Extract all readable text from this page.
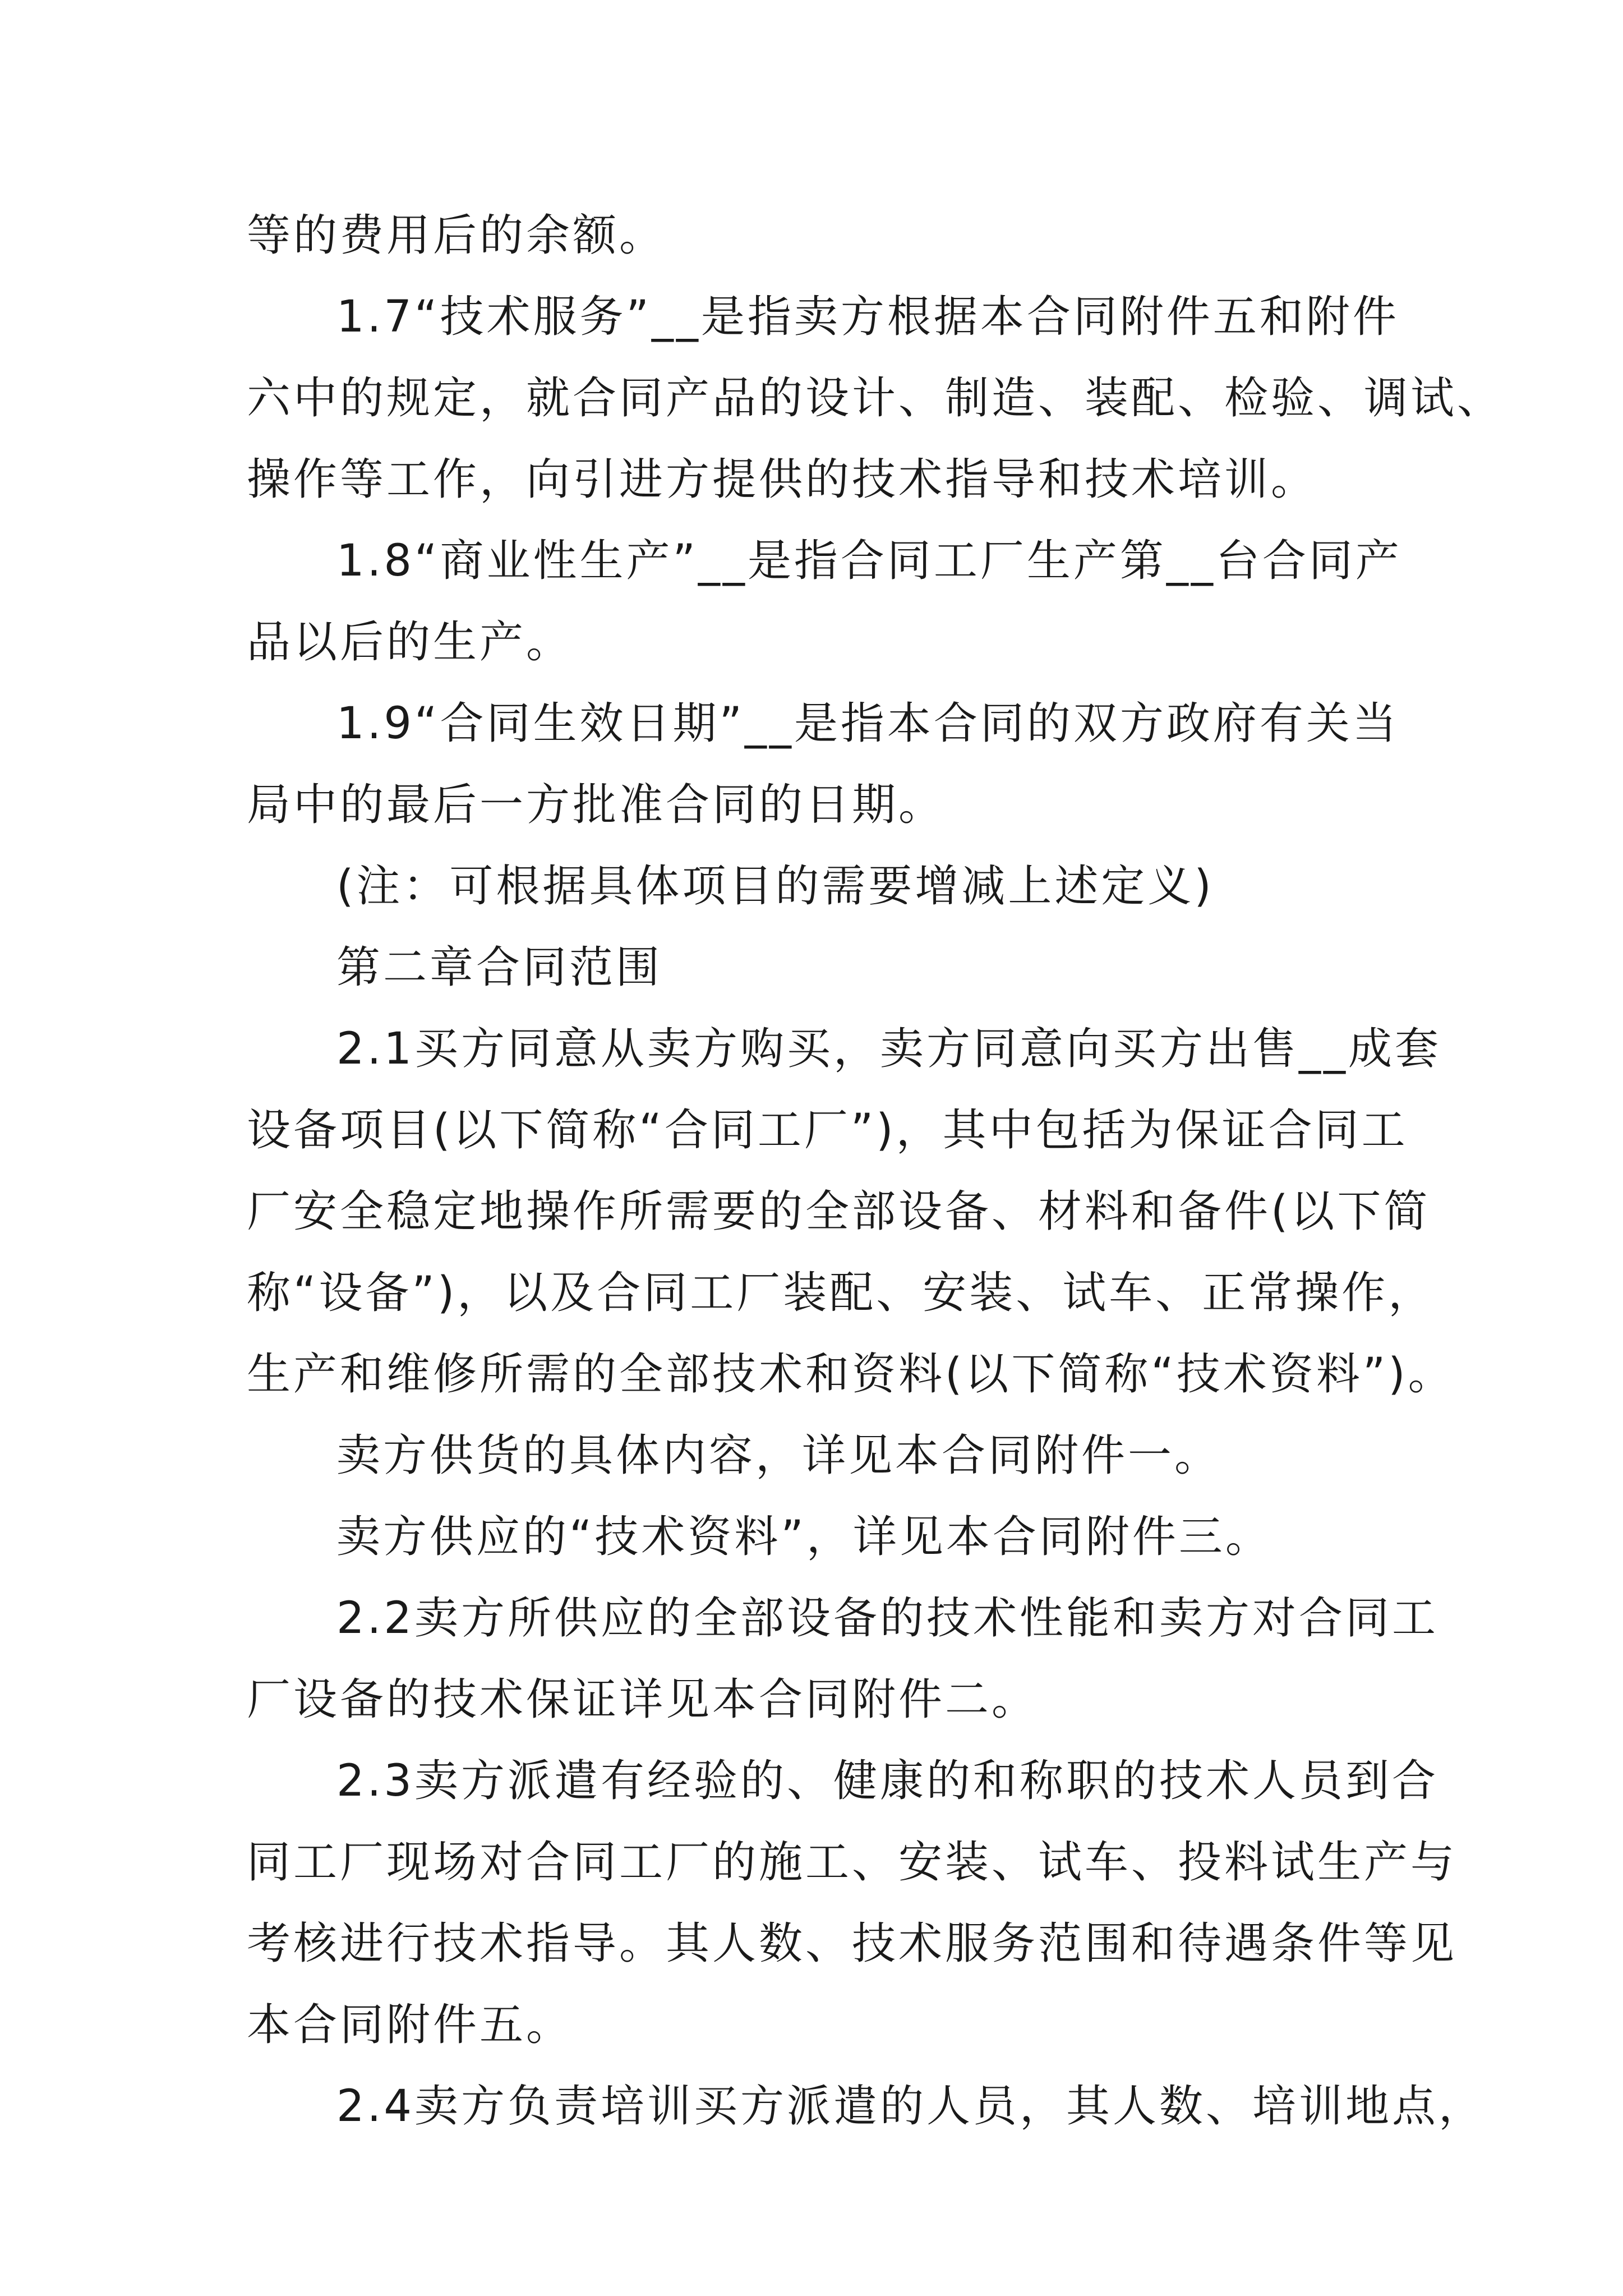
等的费用后的余额。

1.7“技术服务”__是指卖方根据本合同附件五和附件

六中的规定，就合同产品的设计、制造、装配、检验、调试、

操作等工作，向引进方提供的技术指导和技术培训。

1.8“商业性生产”__是指合同工厂生产第__台合同产

品以后的生产。

1.9“合同生效日期”__是指本合同的双方政府有关当

局中的最后一方批准合同的日期。

(注：可根据具体项目的需要增减上述定义)

第二章合同范围

2.1买方同意从卖方购买，卖方同意向买方出售__成套

设备项目(以下简称“合同工厂”)，其中包括为保证合同工

厂安全稳定地操作所需要的全部设备、材料和备件(以下简

称“设备”)，以及合同工厂装配、安装、试车、正常操作，

生产和维修所需的全部技术和资料(以下简称“技术资料”)。

卖方供货的具体内容，详见本合同附件一。

卖方供应的“技术资料”，详见本合同附件三。

2.2卖方所供应的全部设备的技术性能和卖方对合同工

厂设备的技术保证详见本合同附件二。

2.3卖方派遣有经验的、健康的和称职的技术人员到合

同工厂现场对合同工厂的施工、安装、试车、投料试生产与

考核进行技术指导。其人数、技术服务范围和待遇条件等见

本合同附件五。

2.4卖方负责培训买方派遣的人员，其人数、培训地点，
